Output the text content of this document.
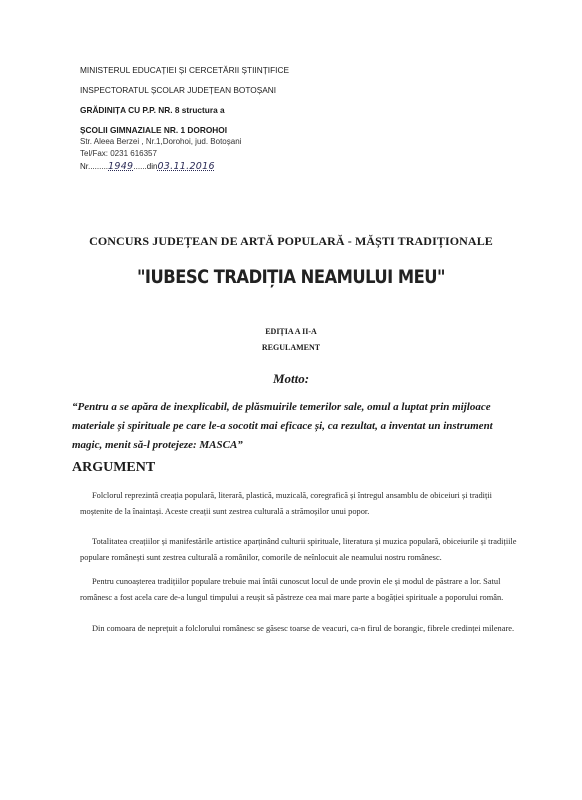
MINISTERUL EDUCAȚIEI ȘI CERCETĂRII ȘTIINȚIFICE
INSPECTORATUL ȘCOLAR JUDEȚEAN BOTOȘANI
GRĂDINIȚA CU P.P. NR. 8 structura a
ȘCOLII GIMNAZIALE NR. 1 DOROHOI
Str. Aleea Berzei , Nr.1,Dorohoi, jud. Botoșani
Tel/Fax: 0231 616357
Nr.........1949......din03.11.2016
CONCURS JUDEȚEAN DE ARTĂ POPULARĂ - MĂȘTI TRADIȚIONALE
"IUBESC TRADIȚIA NEAMULUI MEU"
EDIȚIA A II-A
REGULAMENT
Motto:
“Pentru a se apăra de inexplicabil, de plăsmuirile temerilor sale, omul a luptat prin mijloace materiale și spirituale pe care le-a socotit mai eficace și, ca rezultat, a inventat un instrument magic, menit să-l protejeze: MASCA”
ARGUMENT
Folclorul reprezintă creația populară, literară, plastică, muzicală, coregrafică și întregul ansamblu de obiceiuri și tradiții moștenite de la înaintași. Aceste creații sunt zestrea culturală a strămoșilor unui popor.
Totalitatea creațiilor și manifestările artistice aparținând culturii spirituale, literatura și muzica populară, obiceiurile și tradițiile populare românești sunt zestrea culturală a românilor, comorile de neînlocuit ale neamului nostru românesc.
Pentru cunoașterea tradițiilor populare trebuie mai întâi cunoscut locul de unde provin ele și modul de păstrare a lor. Satul românesc a fost acela care de-a lungul timpului a reușit să păstreze cea mai mare parte a bogăției spirituale a poporului român.
Din comoara de neprețuit a folclorului românesc se găsesc toarse de veacuri, ca-n firul de borangic, fibrele credinței milenare.
